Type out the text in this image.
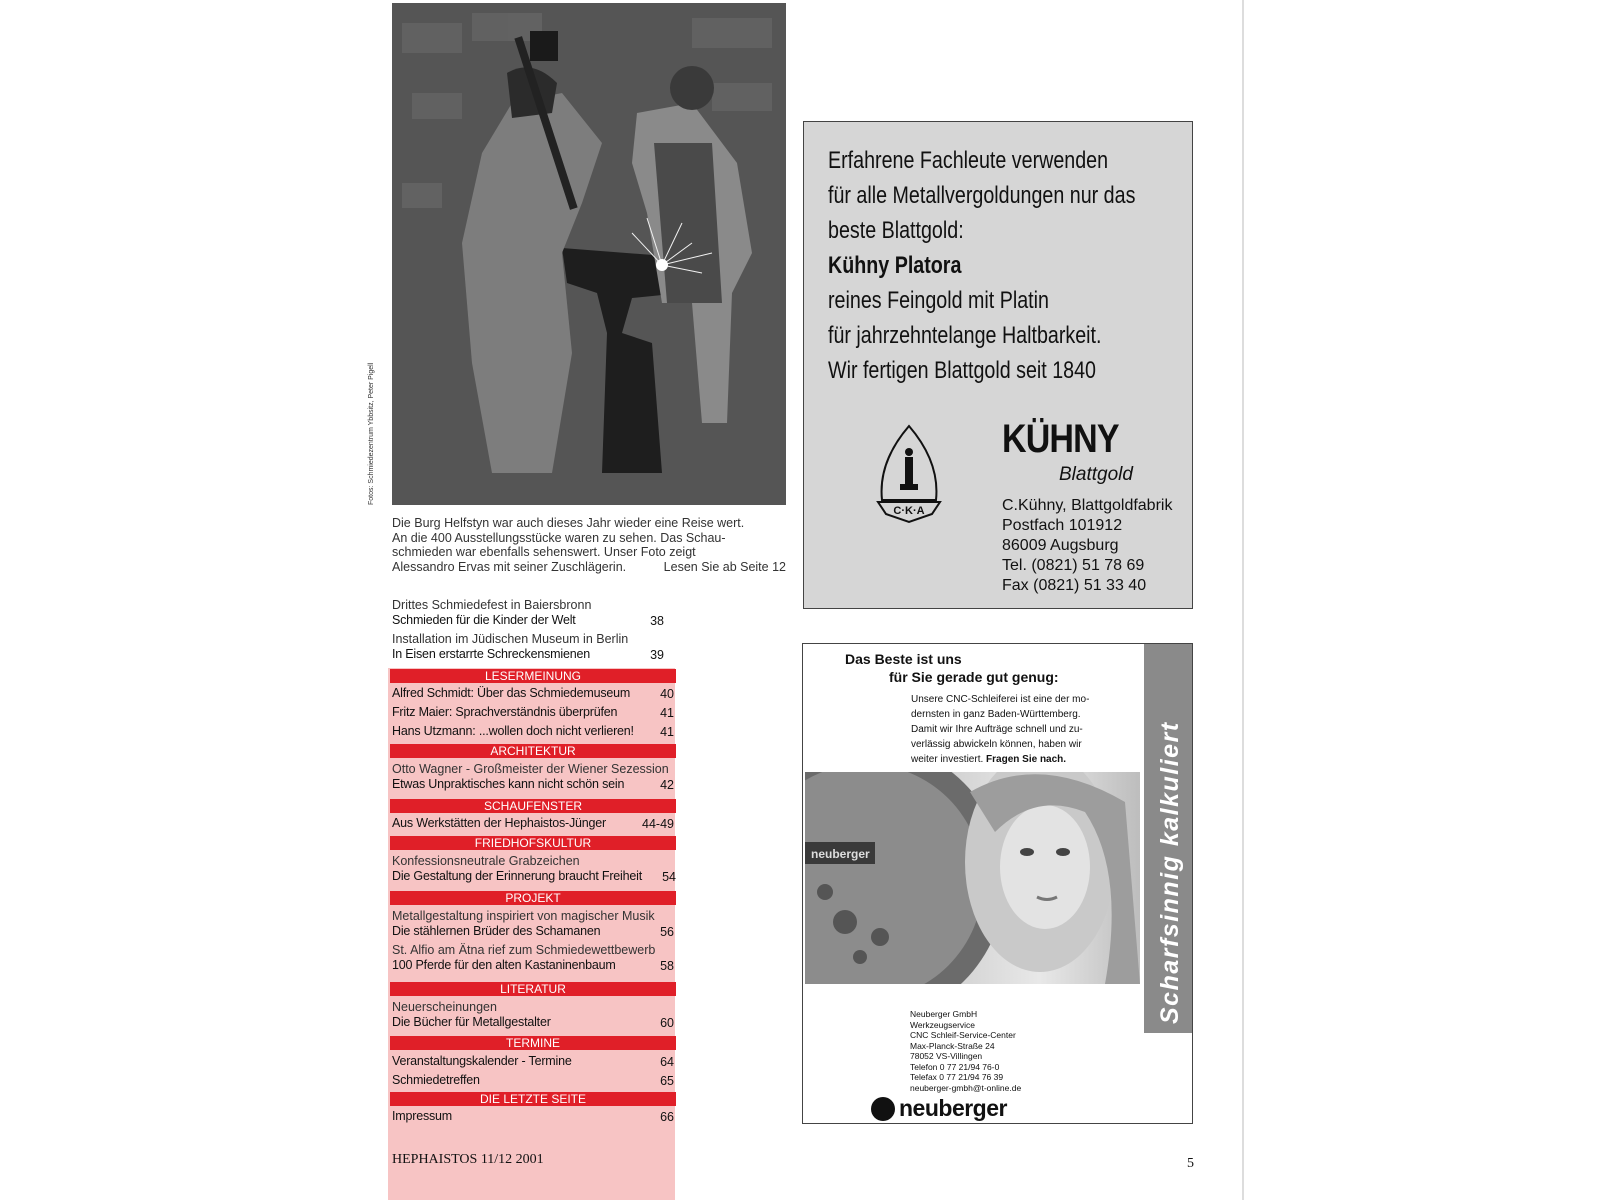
Fotos: Schmiedezentrum Ybbsitz, Peter Pigell
Die Burg Helfstyn war auch dieses Jahr wieder eine Reise wert.
An die 400 Ausstellungsstücke waren zu sehen. Das Schau-
schmieden war ebenfalls sehenswert. Unser Foto zeigt
Alessandro Ervas mit seiner Zuschlägerin.	Lesen Sie ab Seite 12
Drittes Schmiedefest in Baiersbronn
Schmieden für die Kinder der Welt	38
Installation im Jüdischen Museum in Berlin
In Eisen erstarrte Schreckensmienen	39
LESERMEINUNG
Alfred Schmidt: Über das Schmiedemuseum	40
Fritz Maier: Sprachverständnis überprüfen	41
Hans Utzmann: ...wollen doch nicht verlieren!	41
ARCHITEKTUR
Otto Wagner - Großmeister der Wiener Sezession
Etwas Unpraktisches kann nicht schön sein	42
SCHAUFENSTER
Aus Werkstätten der Hephaistos-Jünger	44-49
FRIEDHOFSKULTUR
Konfessionsneutrale Grabzeichen
Die Gestaltung der Erinnerung braucht Freiheit	54
PROJEKT
Metallgestaltung inspiriert von magischer Musik
Die stählernen Brüder des Schamanen	56
St. Alfio am Ätna rief zum Schmiedewettbewerb
100 Pferde für den alten Kastaninenbaum	58
LITERATUR
Neuerscheinungen
Die Bücher für Metallgestalter	60
TERMINE
Veranstaltungskalender - Termine	64
Schmiedetreffen	65
DIE LETZTE SEITE
Impressum	66
HEPHAISTOS 11/12 2001	5
Erfahrene Fachleute verwenden
für alle Metallvergoldungen nur das
beste Blattgold:
Kühny Platora
reines Feingold mit Platin
für jahrzehntelange Haltbarkeit.
Wir fertigen Blattgold seit 1840
C·K·A
KÜHNY
Blattgold
C.Kühny, Blattgoldfabrik
Postfach 101912
86009 Augsburg
Tel. (0821) 51 78 69
Fax (0821) 51 33 40
Das Beste ist uns
für Sie gerade gut genug:
Unsere CNC-Schleiferei ist eine der mo-
dernsten in ganz Baden-Württemberg.
Damit wir Ihre Aufträge schnell und zu-
verlässig abwickeln können, haben wir
weiter investiert. Fragen Sie nach.
neuberger	Scharfsinnig kalkuliert
Neuberger GmbH
Werkzeugservice
CNC Schleif-Service-Center
Max-Planck-Straße 24
78052 VS-Villingen
Telefon 0 77 21/94 76-0
Telefax 0 77 21/94 76 39
neuberger-gmbh@t-online.de
neuberger
